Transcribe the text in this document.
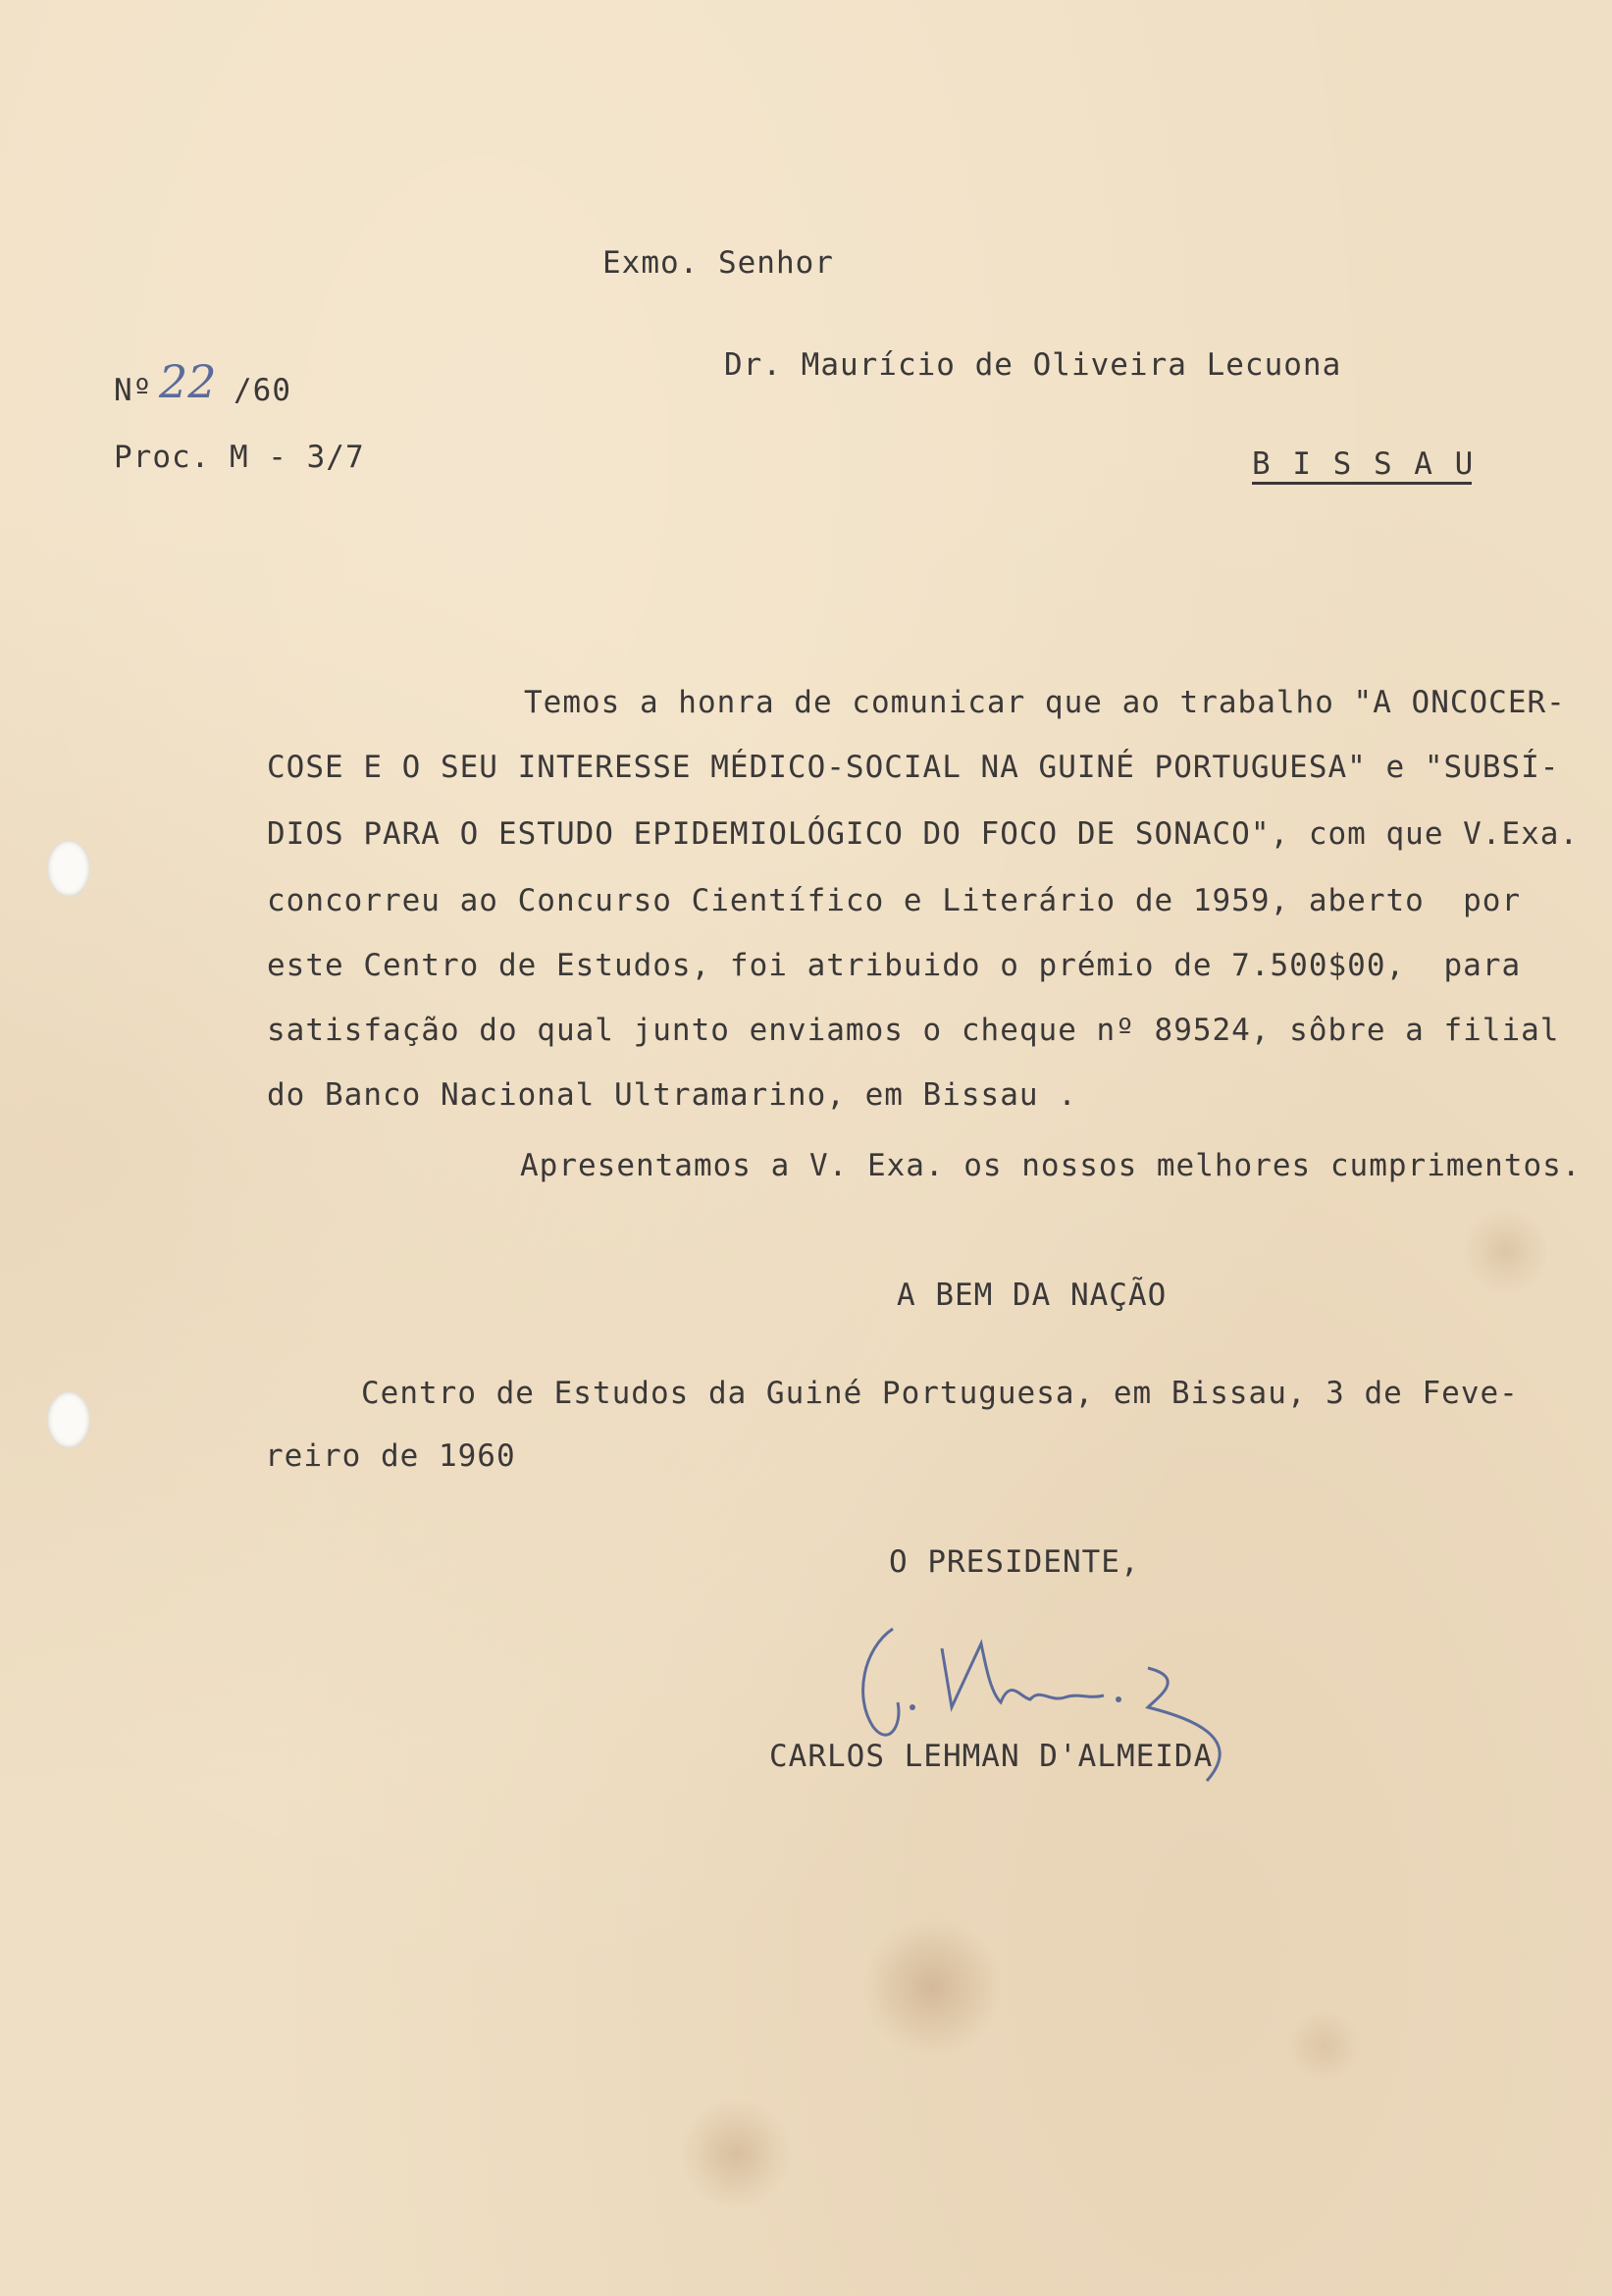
Exmo. Senhor
Dr. Maurício de Oliveira Lecuona
B I S S A U
Nº 22 /60
Proc. M - 3/7
Temos a honra de comunicar que ao trabalho "A ONCOCER-
COSE E O SEU INTERESSE MÉDICO-SOCIAL NA GUINÉ PORTUGUESA" e "SUBSÍ-
DIOS PARA O ESTUDO EPIDEMIOLÓGICO DO FOCO DE SONACO", com que V.Exa.
concorreu ao Concurso Científico e Literário de 1959, aberto  por
este Centro de Estudos, foi atribuido o prémio de 7.500$00,  para
satisfação do qual junto enviamos o cheque nº 89524, sôbre a filial
do Banco Nacional Ultramarino, em Bissau .
Apresentamos a V. Exa. os nossos melhores cumprimentos.
A BEM DA NAÇÃO
Centro de Estudos da Guiné Portuguesa, em Bissau, 3 de Feve-
reiro de 1960
O PRESIDENTE,
CARLOS LEHMAN D'ALMEIDA
